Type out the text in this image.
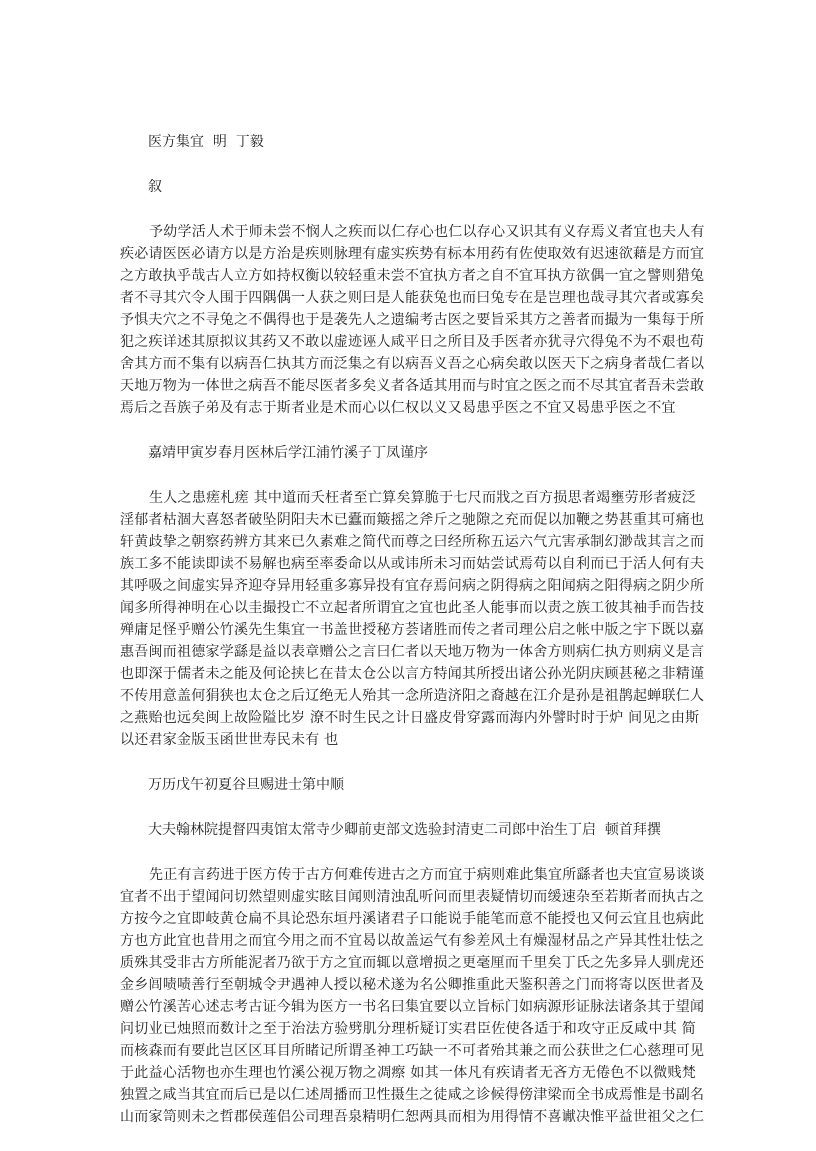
医方集宜  明  丁毅

叙

予幼学活人术于师未尝不悯人之疾而以仁存心也仁以存心又识其有义存焉义者宜也夫人有
疾必请医医必请方以是方治是疾则脉理有虚实疾势有标本用药有佐使取效有迟速欲藉是方而宜
之方敢执乎哉古人立方如持权衡以较轻重未尝不宜执方者之自不宜耳执方欲偶一宜之譬则猎兔
者不寻其穴令人围于四隅偶一人获之则曰是人能获兔也而曰兔专在是岂理也哉寻其穴者或寡矣
予惧夫穴之不寻兔之不偶得也于是袭先人之遗编考古医之要旨采其方之善者而撮为一集每于所
犯之疾详述其原拟议其药又不敢以虚迹诬人咸平日之所目及手医者亦犹寻穴得兔不为不艰也苟
舍其方而不集有以病吾仁执其方而泛集之有以病吾义吾之心病矣敢以医天下之病身者哉仁者以
天地万物为一体世之病吾不能尽医者多矣义者各适其用而与时宜之医之而不尽其宜者吾未尝敢
焉后之吾族子弟及有志于斯者业是术而心以仁权以义又曷患乎医之不宜又曷患乎医之不宜

嘉靖甲寅岁春月医林后学江浦竹溪子丁凤谨序

生人之患瘥札瘥 其中道而夭枉者至亡算矣算脆于七尺而戕之百方损思者竭壅劳形者疲泛
淫郁者枯涸大喜怒者破坠阴阳夫木已蠹而簸摇之斧斤之驰隙之充而促以加鞭之势甚重其可痛也
轩黄歧挚之朝察药辨方其来已久素难之简代而尊之曰经所称五运六气亢害承制幻渺哉其言之而
族工多不能读即读不易解也病至率委命以从或讳所未习而姑尝试焉苟以自利而已于活人何有夫
其呼吸之间虚实异齐迎夺异用轻重多寡异投有宜存焉问病之阴得病之阳闻病之阳得病之阴少所
闻多所得神明在心以圭撮投亡不立起者所谓宜之宜也此圣人能事而以责之族工彼其袖手而告技
殚庸足怪乎赠公竹溪先生集宜一书盖世授秘方荟诸胜而传之者司理公启之帐中版之宇下既以嘉
惠吾闽而祖德家学繇是益以表章赠公之言曰仁者以天地万物为一体舍方则病仁执方则病义是言
也即深于儒者未之能及何论挟匕在昔太仓公以言方特闻其所授出诸公孙光阴庆顾甚秘之非精谨
不传用意盖何狷狭也太仓之后辽绝无人殆其一念所造济阳之裔越在江介是孙是祖鹊起蝉联仁人
之燕贻也远矣闽上故险隘比岁 潦不时生民之计日盛皮骨穿露而海内外譬时时于炉 间见之由斯
以还君家金版玉函世世寿民未有 也

万历戊午初夏谷旦赐进士第中顺

大夫翰林院提督四夷馆太常寺少卿前吏部文选验封清吏二司郎中治生丁启  顿首拜撰

先正有言药进于医方传于古方何难传进古之方而宜于病则难此集宜所繇者也夫宜宣易谈谈
宜者不出于望闻问切然望则虚实眩目闻则清浊乱听问而里表疑情切而缓速杂至若斯者而执古之
方按今之宜即岐黄仓扁不具论恐东垣丹溪诸君子口能说手能笔而意不能授也又何云宜且也病此
方也方此宜也昔用之而宜今用之而不宜曷以故盖运气有参差风土有燥湿材品之产异其性壮怯之
质殊其受非古方所能泥者乃欲于方之宜而辄以意增损之更毫厘而千里矣丁氏之先多异人驯虎还
金乡闾啧啧善行至朝城令尹遇神人授以秘术遂为名公卿推重此天鉴积善之门而将寄以医世者及
赠公竹溪苦心述志考古证今辑为医方一书名曰集宜要以立旨标门如病源形证脉法诸条其于望闻
问切业已烛照而数计之至于治法方验劈肌分理析疑订实君臣佐使各适于和攻守正反咸中其 简
而核森而有要此岂区区耳目所睹记所谓圣神工巧缺一不可者殆其兼之而公获世之仁心慈理可见
于此益心活物也亦生理也竹溪公视万物之凋瘵 如其一体凡有疾请者无吝方无倦色不以微贱梵
独置之咸当其宜而后已是以仁述周播而卫性摄生之徒咸之诊候得傍津梁而全书成焉惟是书副名
山而家笥则未之哲郡侯莲侣公司理吾泉精明仁恕两具而相为用得情不喜谳决惟平益世祖父之仁
